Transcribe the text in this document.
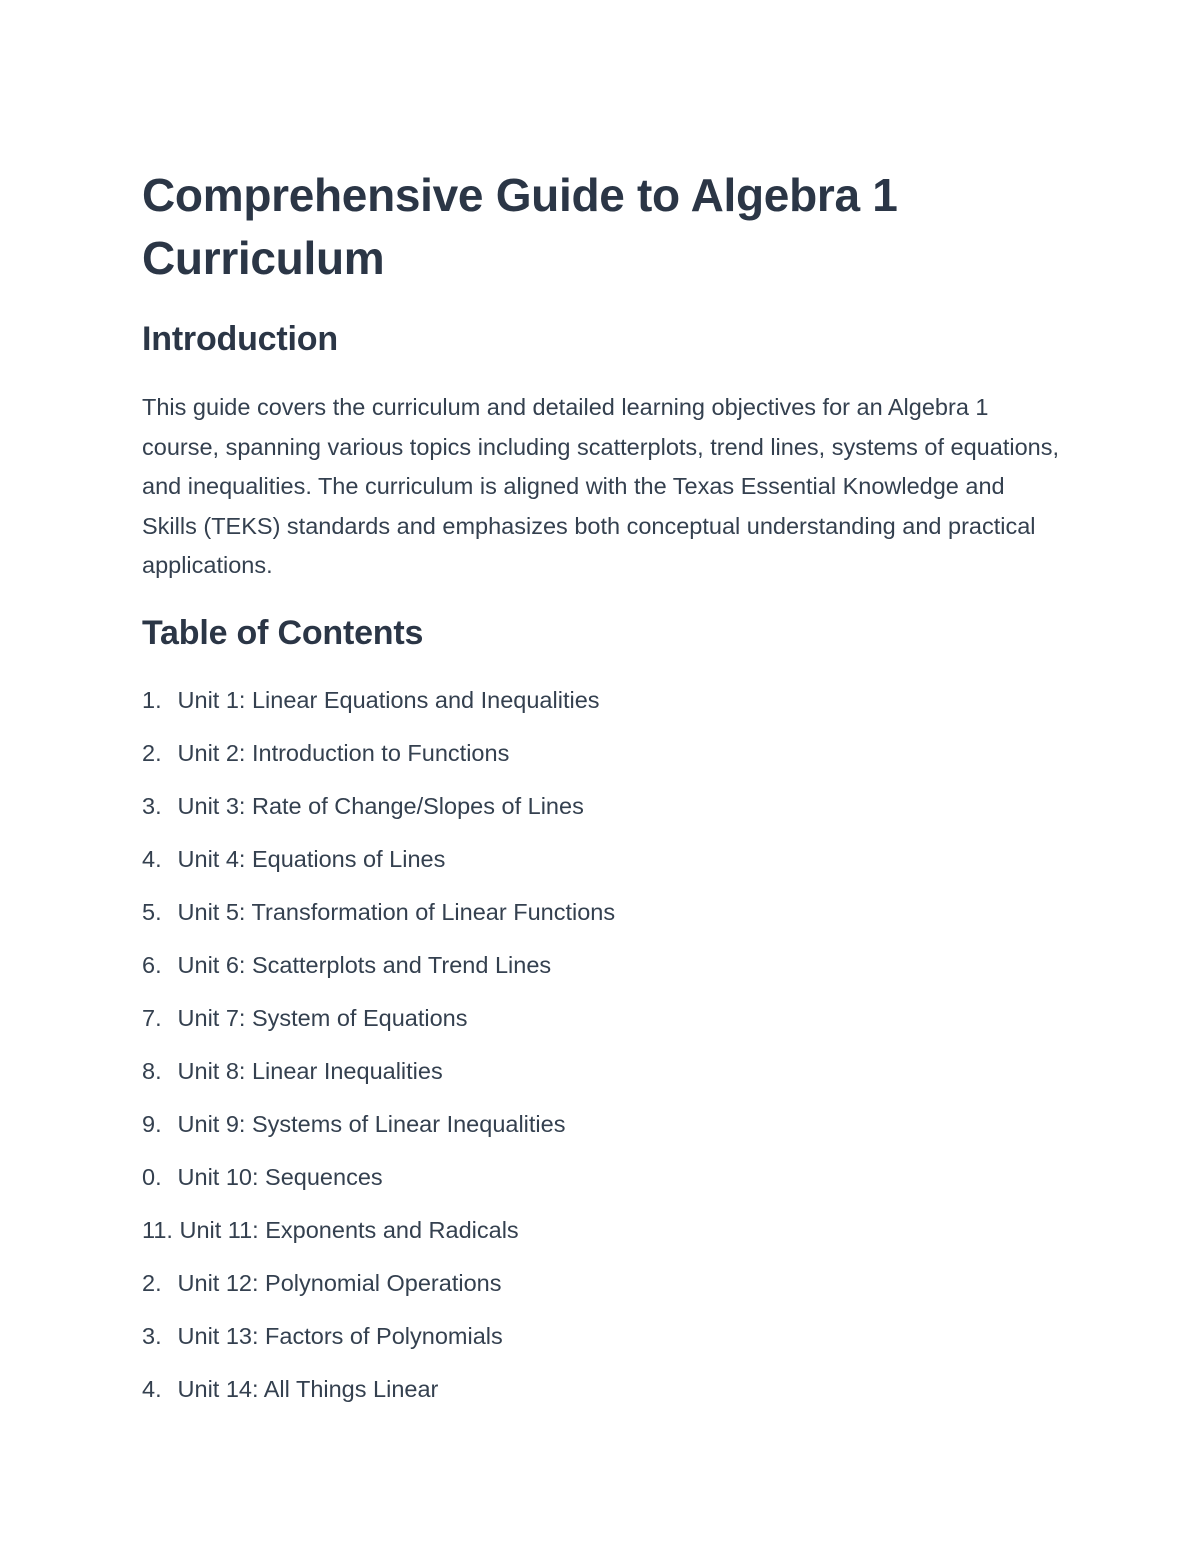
Comprehensive Guide to Algebra 1 Curriculum
Introduction

This guide covers the curriculum and detailed learning objectives for an Algebra 1 course, spanning various topics including scatterplots, trend lines, systems of equations, and inequalities. The curriculum is aligned with the Texas Essential Knowledge and Skills (TEKS) standards and emphasizes both conceptual understanding and practical applications.

Table of Contents
1. Unit 1: Linear Equations and Inequalities
2. Unit 2: Introduction to Functions
3. Unit 3: Rate of Change/Slopes of Lines
4. Unit 4: Equations of Lines
5. Unit 5: Transformation of Linear Functions
6. Unit 6: Scatterplots and Trend Lines
7. Unit 7: System of Equations
8. Unit 8: Linear Inequalities
9. Unit 9: Systems of Linear Inequalities
0. Unit 10: Sequences
11. Unit 11: Exponents and Radicals
2. Unit 12: Polynomial Operations
3. Unit 13: Factors of Polynomials
4. Unit 14: All Things Linear
